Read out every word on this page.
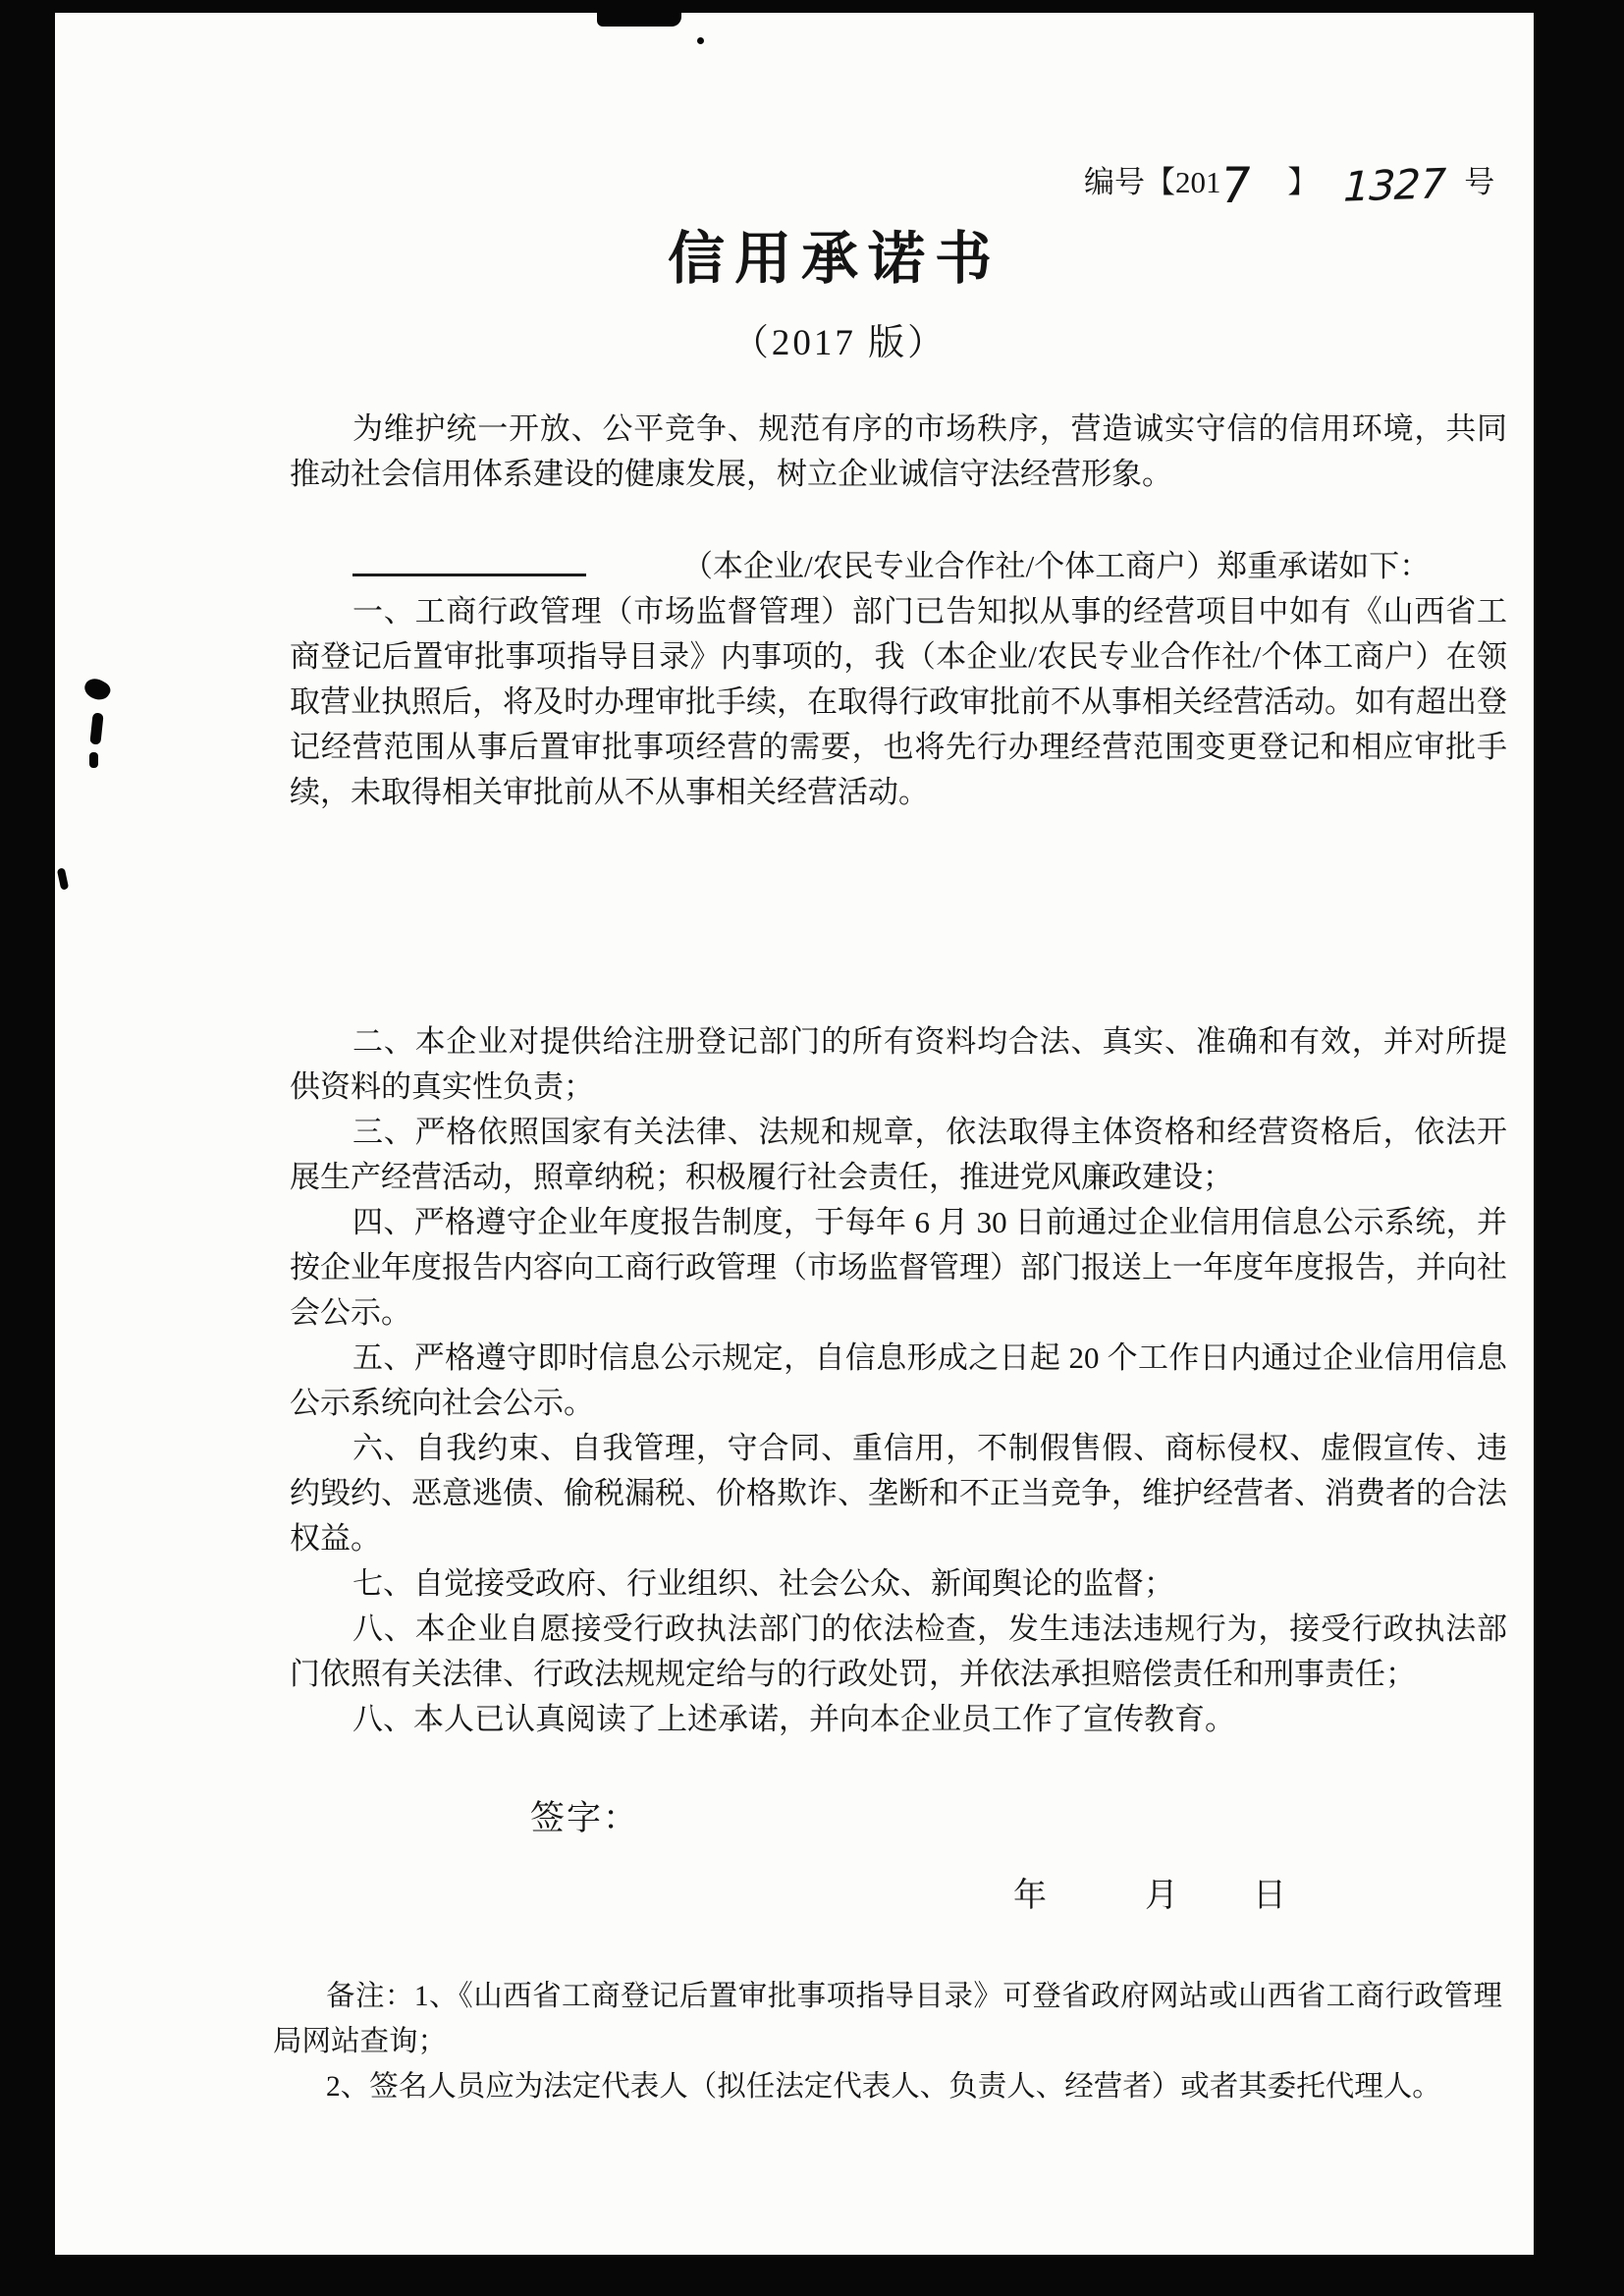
编号【2017 】 1327 号
信用承诺书
（2017 版）

为维护统一开放、公平竞争、规范有序的市场秩序，营造诚实守信的信用环境，共同推动社会信用体系建设的健康发展，树立企业诚信守法经营形象。

（本企业/农民专业合作社/个体工商户）郑重承诺如下：

一、工商行政管理（市场监督管理）部门已告知拟从事的经营项目中如有《山西省工商登记后置审批事项指导目录》内事项的，我（本企业/农民专业合作社/个体工商户）在领取营业执照后，将及时办理审批手续，在取得行政审批前不从事相关经营活动。如有超出登记经营范围从事后置审批事项经营的需要，也将先行办理经营范围变更登记和相应审批手续，未取得相关审批前从不从事相关经营活动。

二、本企业对提供给注册登记部门的所有资料均合法、真实、准确和有效，并对所提供资料的真实性负责；

三、严格依照国家有关法律、法规和规章，依法取得主体资格和经营资格后，依法开展生产经营活动，照章纳税；积极履行社会责任，推进党风廉政建设；

四、严格遵守企业年度报告制度，于每年 6 月 30 日前通过企业信用信息公示系统，并按企业年度报告内容向工商行政管理（市场监督管理）部门报送上一年度年度报告，并向社会公示。

五、严格遵守即时信息公示规定，自信息形成之日起 20 个工作日内通过企业信用信息公示系统向社会公示。

六、自我约束、自我管理，守合同、重信用，不制假售假、商标侵权、虚假宣传、违约毁约、恶意逃债、偷税漏税、价格欺诈、垄断和不正当竞争，维护经营者、消费者的合法权益。

七、自觉接受政府、行业组织、社会公众、新闻舆论的监督；

八、本企业自愿接受行政执法部门的依法检查，发生违法违规行为，接受行政执法部门依照有关法律、行政法规规定给与的行政处罚，并依法承担赔偿责任和刑事责任；

八、本人已认真阅读了上述承诺，并向本企业员工作了宣传教育。

签字：
年	月 日

备注：1、《山西省工商登记后置审批事项指导目录》可登省政府网站或山西省工商行政管理局网站查询；

2、签名人员应为法定代表人（拟任法定代表人、负责人、经营者）或者其委托代理人。
